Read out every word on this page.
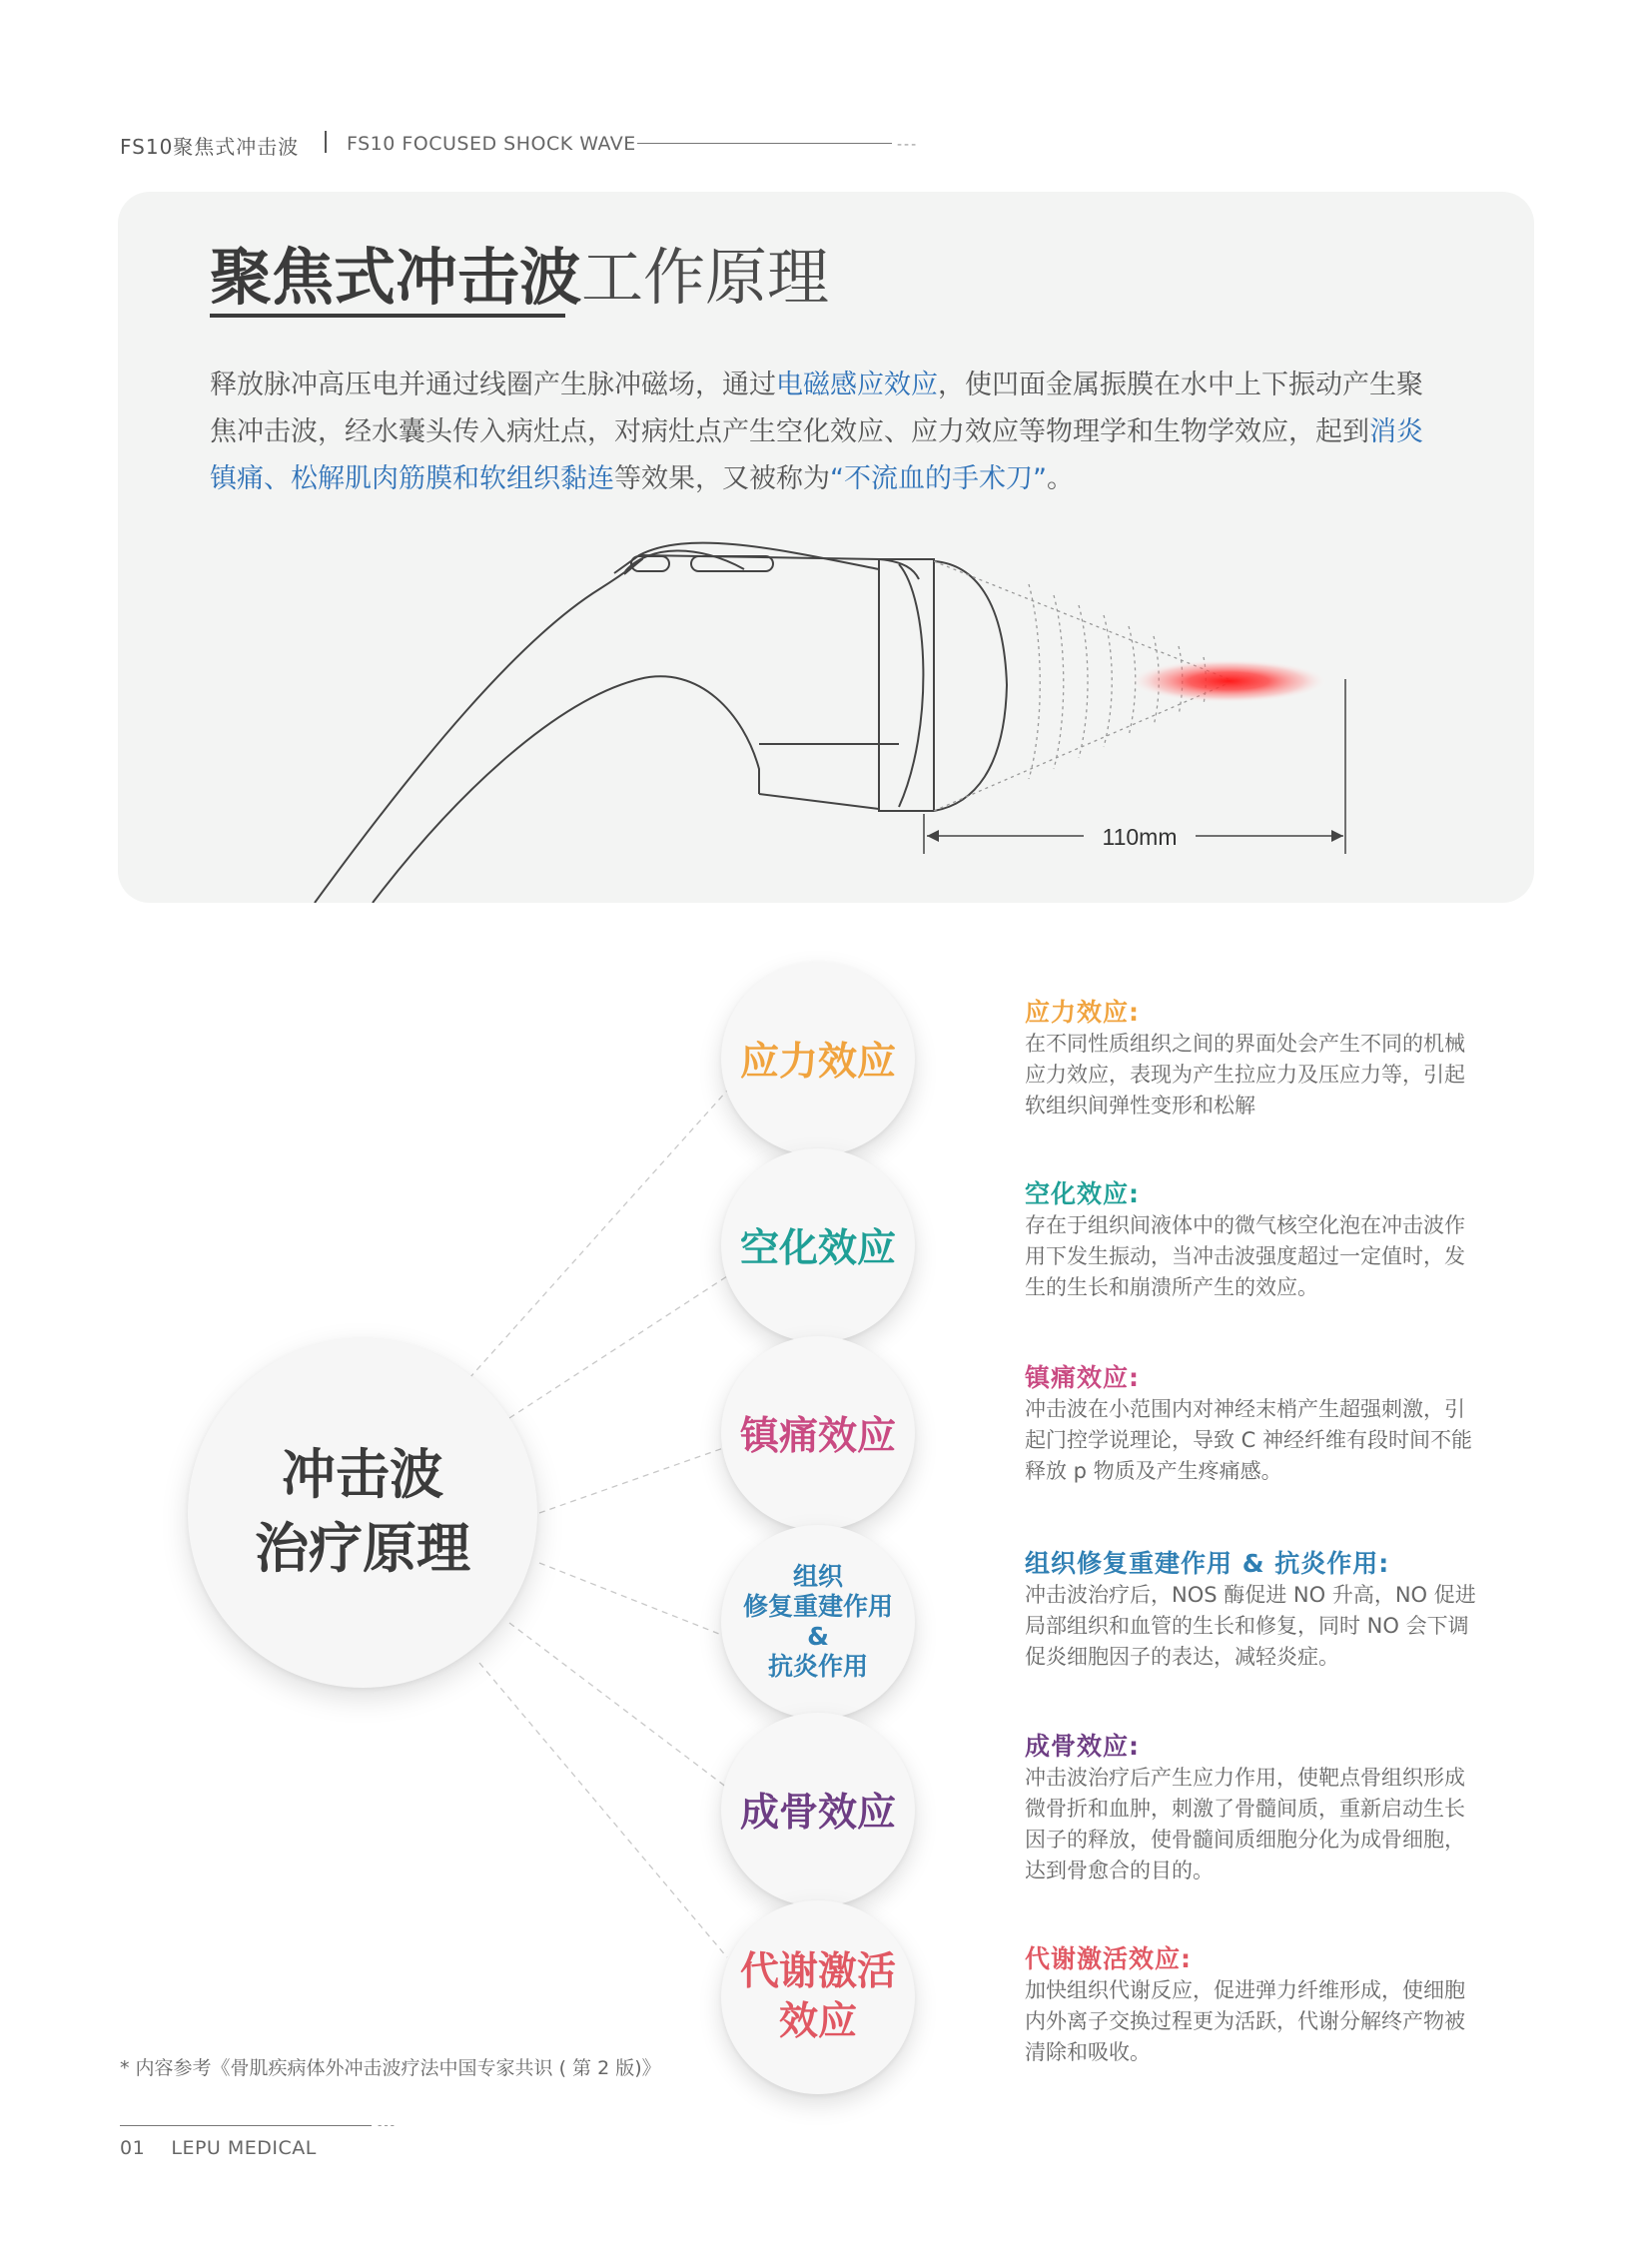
FS10聚焦式冲击波	FS10 FOCUSED SHOCK WAVE	---
聚焦式冲击波工作原理
释放脉冲高压电并通过线圈产生脉冲磁场，通过电磁感应效应，使凹面金属振膜在水中上下振动产生聚焦冲击波，经水囊头传入病灶点，对病灶点产生空化效应、应力效应等物理学和生物学效应，起到消炎镇痛、松解肌肉筋膜和软组织黏连等效果，又被称为“不流血的手术刀”。
110mm
冲击波
治疗原理
应力效应
空化效应
镇痛效应
组织
修复重建作用
&
抗炎作用
成骨效应
代谢激活
效应
应力效应:
在不同性质组织之间的界面处会产生不同的机械应力效应，表现为产生拉应力及压应力等，引起软组织间弹性变形和松解
空化效应:
存在于组织间液体中的微气核空化泡在冲击波作用下发生振动，当冲击波强度超过一定值时，发生的生长和崩溃所产生的效应。
镇痛效应:
冲击波在小范围内对神经末梢产生超强刺激，引起门控学说理论，导致 C 神经纤维有段时间不能释放 p 物质及产生疼痛感。
组织修复重建作用 & 抗炎作用:
冲击波治疗后，NOS 酶促进 NO 升高，NO 促进局部组织和血管的生长和修复，同时 NO 会下调促炎细胞因子的表达，减轻炎症。
成骨效应:
冲击波治疗后产生应力作用，使靶点骨组织形成微骨折和血肿，刺激了骨髓间质，重新启动生长因子的释放，使骨髓间质细胞分化为成骨细胞，达到骨愈合的目的。
代谢激活效应:
加快组织代谢反应，促进弹力纤维形成，使细胞内外离子交换过程更为活跃，代谢分解终产物被清除和吸收。
* 内容参考《骨肌疾病体外冲击波疗法中国专家共识 ( 第 2 版)》
---
01 LEPU MEDICAL
